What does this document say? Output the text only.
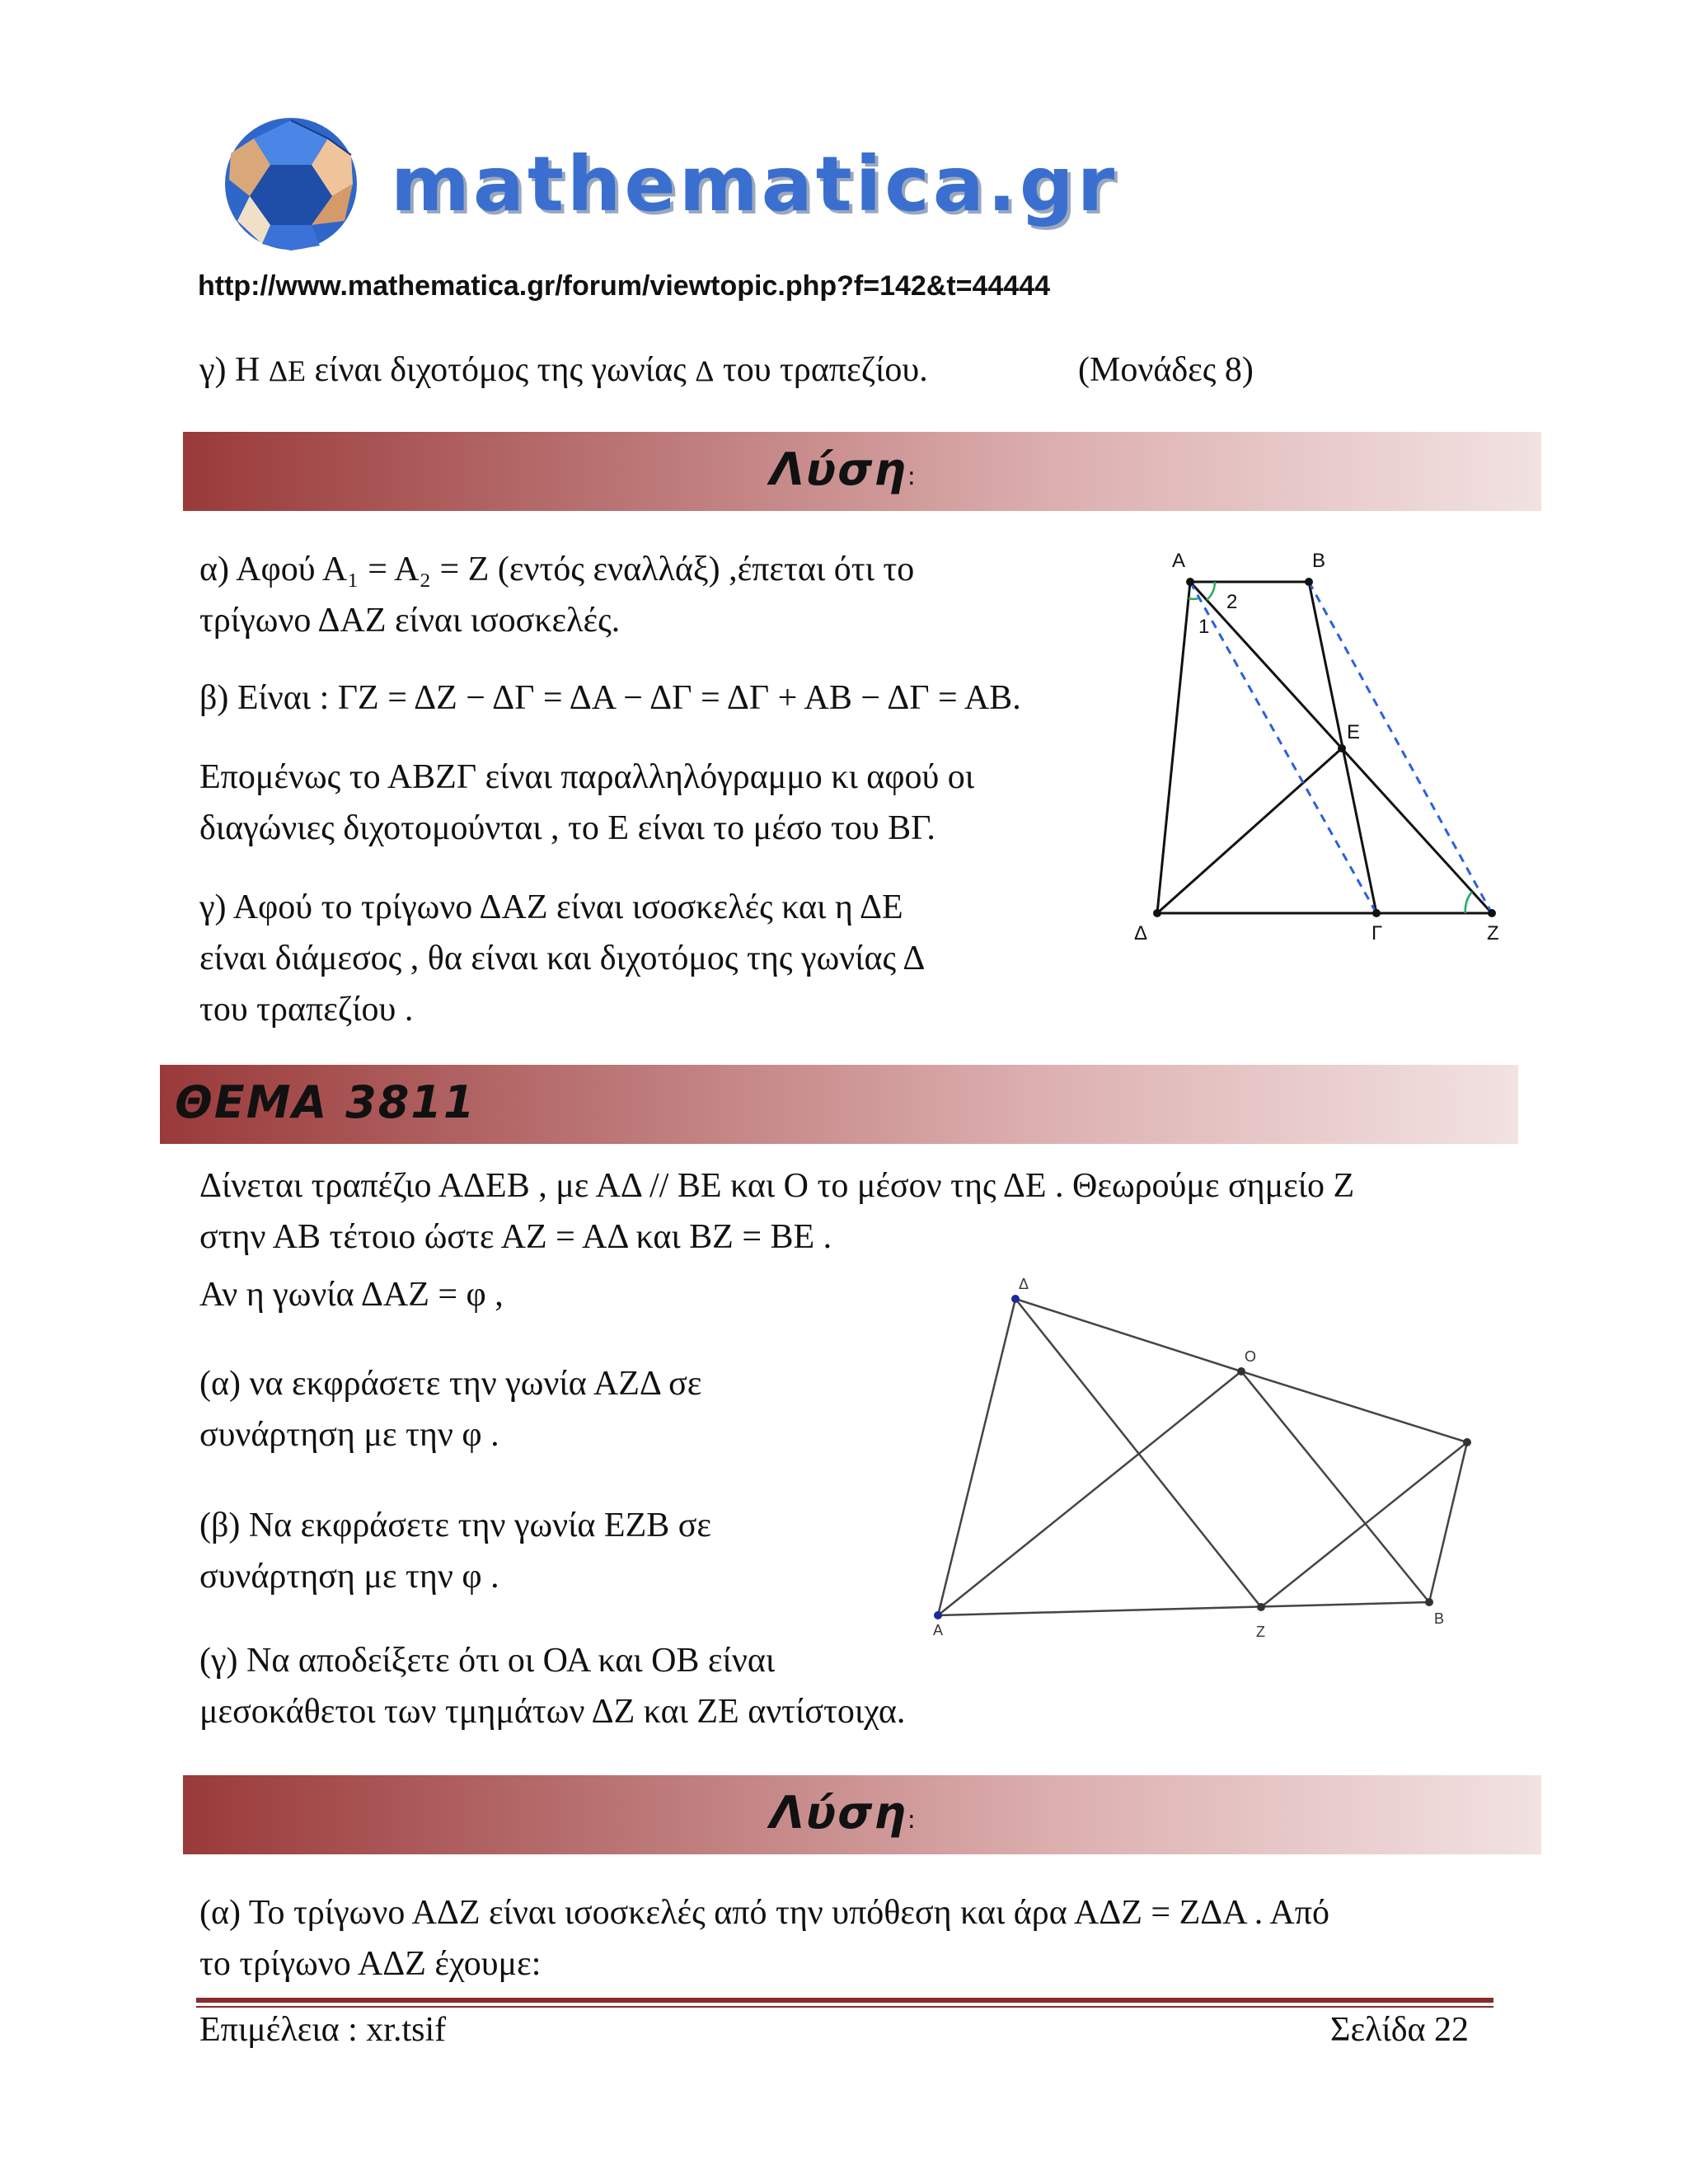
mathematica.gr
http://www.mathematica.gr/forum/viewtopic.php?f=142&t=44444
γ) Η ΔΕ είναι διχοτόμος της γωνίας Δ του τραπεζίου.	(Μονάδες 8)
Λύση:
α) Αφού Α₁ = Α₂ = Ζ (εντός εναλλάξ) ,έπεται ότι το
τρίγωνο ΔΑΖ είναι ισοσκελές.
β) Είναι : ΓΖ = ΔΖ − ΔΓ = ΔΑ − ΔΓ = ΔΓ + ΑΒ − ΔΓ = ΑΒ.
Επομένως το ΑΒΖΓ είναι παραλληλόγραμμο κι αφού οι
διαγώνιες διχοτομούνται , το Ε είναι το μέσο του ΒΓ.
γ) Αφού το τρίγωνο ΔΑΖ είναι ισοσκελές και η ΔΕ
είναι διάμεσος , θα είναι και διχοτόμος της γωνίας Δ
του τραπεζίου .
Α	Β
Ε
Δ	Γ	Ζ
2
1
ΘΕΜΑ 3811
Δίνεται τραπέζιο ΑΔΕΒ , με ΑΔ // ΒΕ και Ο το μέσον της ΔΕ . Θεωρούμε σημείο Ζ
στην ΑΒ τέτοιο ώστε ΑΖ = ΑΔ και ΒΖ = ΒΕ .
Αν η γωνία ΔΑΖ = φ ,
(α) να εκφράσετε την γωνία ΑΖΔ σε
συνάρτηση με την φ .
(β) Να εκφράσετε την γωνία ΕΖΒ σε
συνάρτηση με την φ .
(γ) Να αποδείξετε ότι οι ΟΑ και ΟΒ είναι
μεσοκάθετοι των τμημάτων ΔΖ και ΖΕ αντίστοιχα.
Δ
O
A	Z
B
Λύση:
(α) Το τρίγωνο ΑΔΖ είναι ισοσκελές από την υπόθεση και άρα ΑΔΖ = ΖΔΑ . Από
το τρίγωνο ΑΔΖ έχουμε:
Επιμέλεια : xr.tsif	Σελίδα 22
